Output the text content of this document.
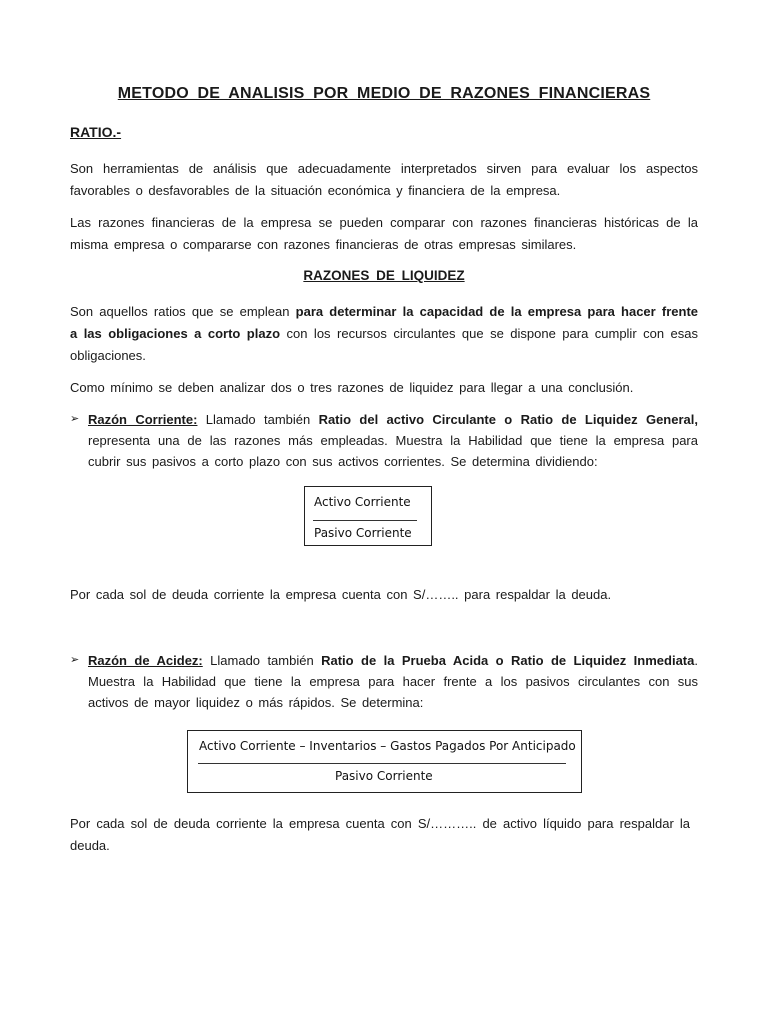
METODO DE ANALISIS POR MEDIO DE RAZONES FINANCIERAS
RATIO.-

Son herramientas de análisis que adecuadamente interpretados sirven para evaluar los aspectos favorables o desfavorables de la situación económica y financiera de la empresa.

Las razones financieras de la empresa se pueden comparar con razones financieras históricas de la misma empresa o compararse con razones financieras de otras empresas similares.

RAZONES DE LIQUIDEZ

Son aquellos ratios que se emplean para determinar la capacidad de la empresa para hacer frente a las obligaciones a corto plazo con los recursos circulantes que se dispone para cumplir con esas obligaciones.

Como mínimo se deben analizar dos o tres razones de liquidez para llegar a una conclusión.

➢ Razón Corriente: Llamado también Ratio del activo Circulante o Ratio de Liquidez General, representa una de las razones más empleadas. Muestra la Habilidad que tiene la empresa para cubrir sus pasivos a corto plazo con sus activos corrientes. Se determina dividiendo:
Activo Corriente
Pasivo Corriente

Por cada sol de deuda corriente la empresa cuenta con S/…….. para respaldar la deuda.

➢ Razón de Acidez: Llamado también Ratio de la Prueba Acida o Ratio de Liquidez Inmediata. Muestra la Habilidad que tiene la empresa para hacer frente a los pasivos circulantes con sus activos de mayor liquidez o más rápidos. Se determina:
Activo Corriente – Inventarios – Gastos Pagados Por Anticipado
Pasivo Corriente

Por cada sol de deuda corriente la empresa cuenta con S/……….. de activo líquido para respaldar la deuda.
